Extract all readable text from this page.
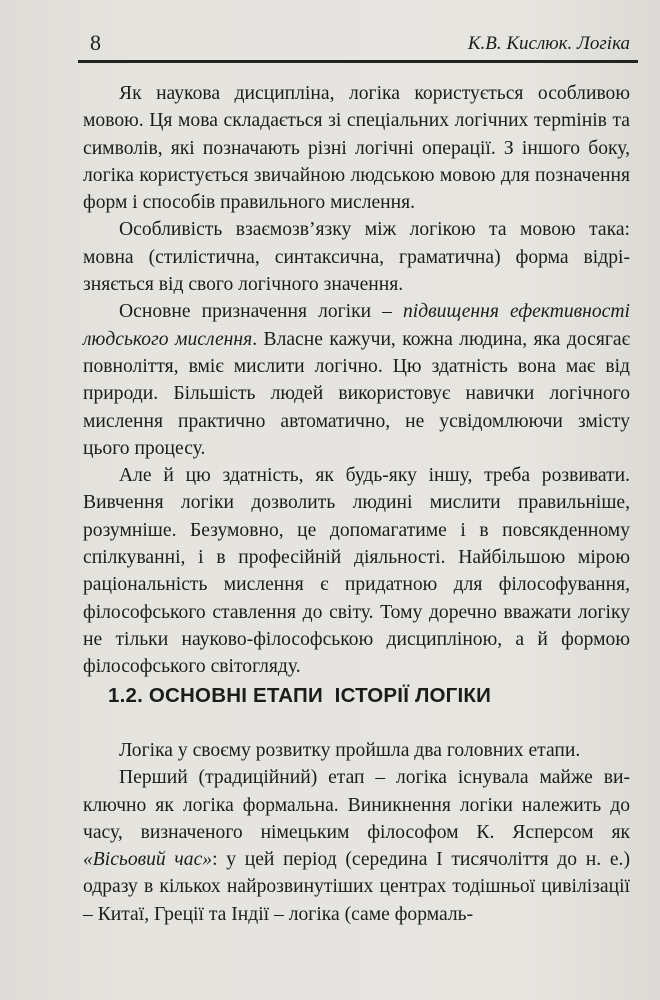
8	К.В. Кислюк. Логіка

Як наукова дисципліна, логіка користується особливою мовою. Ця мова складається зі спеціальних логічних терmінів та символів, які позначають різні логічні операції. З іншого боку, логіка користується звичайною людською мовою для позначення форм і способів правильного мислення.

Особливість взаємозв’язку між логікою та мовою така: мовна (стилістична, синтаксична, граматична) форма відрізняється від свого логічного значення.

Основне призначення логіки – підвищення ефективності людського мислення. Власне кажучи, кожна людина, яка досягає повноліття, вміє мислити логічно. Цю здатність вона має від природи. Більшість людей використовує навички логічного мислення практично автоматично, не усвідомлюючи змісту цього процесу.

Але й цю здатність, як будь-яку іншу, треба розвивати. Вивчення логіки дозволить людині мислити правильніше, розумніше. Безумовно, це допомагатиме і в повсякденному спілкуванні, і в професійній діяльності. Найбільшою мірою раціональність мислення є придатною для філософування, філософського ставлення до світу. Тому доречно вважати логіку не тільки науково-філософською дисципліною, а й формою філософського світогляду.

1.2. ОСНОВНІ ЕТАПИ  ІСТОРІЇ ЛОГІКИ

Логіка у своєму розвитку пройшла два головних етапи.

Перший (традиційний) етап – логіка існувала майже виключно як логіка формальна. Виникнення логіки належить до часу, визначеного німецьким філософом К. Ясперсом як «Вісьовий час»: у цей період (середина І тисячоліття до н. е.) одразу в кількох найрозвинутіших центрах тодішньої цивілізації – Китаї, Греції та Індії – логіка (саме формаль-
